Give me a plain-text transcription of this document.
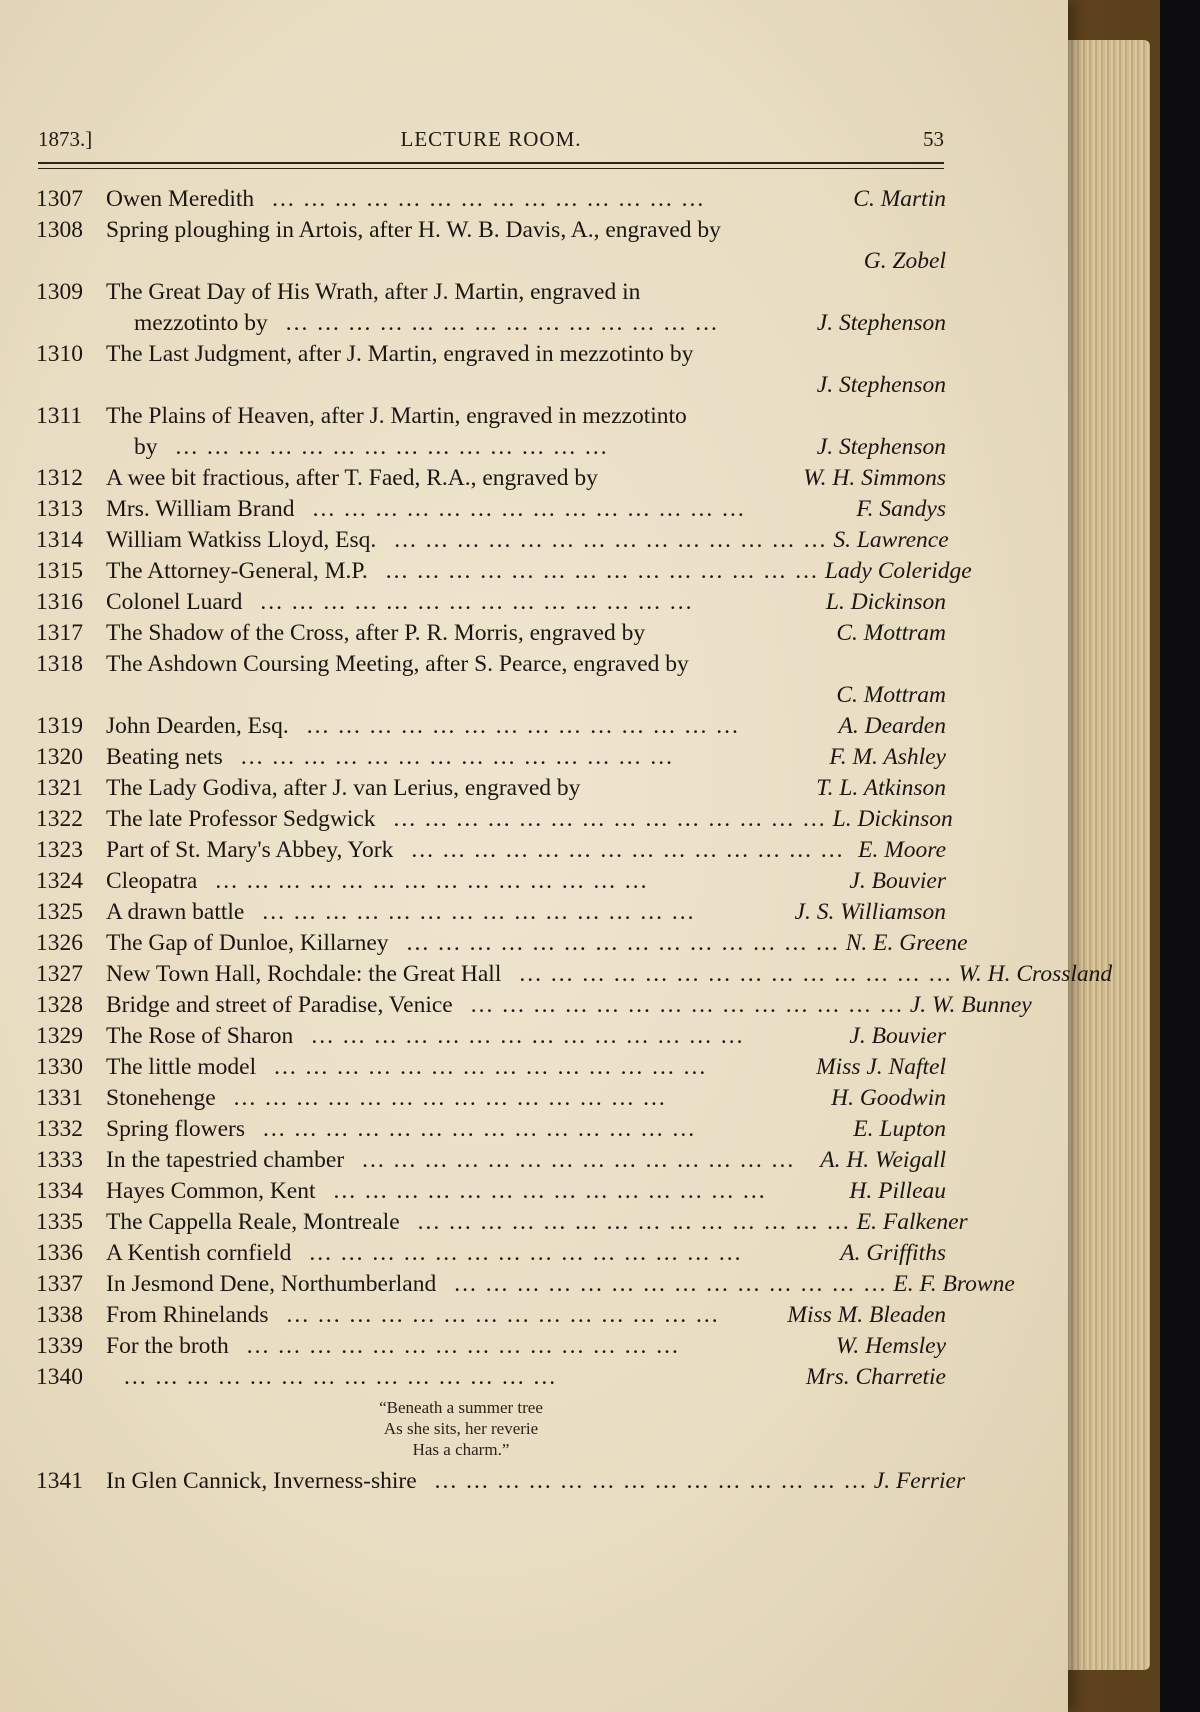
1873.]	LECTURE ROOM.	53
1307 Owen Meredith ... ... ... ... ... ... ... ... ... ... ... ... ... ...	C. Martin
1308 Spring ploughing in Artois, after H. W. B. Davis, A., engraved by
G. Zobel
1309 The Great Day of His Wrath, after J. Martin, engraved in
mezzotinto by ... ... ... ... ... ... ... ... ... ... ... ... ... ...	J. Stephenson
1310 The Last Judgment, after J. Martin, engraved in mezzotinto by
J. Stephenson
1311	The Plains of Heaven, after J. Martin, engraved in mezzotinto
by ... ... ... ... ... ... ... ... ... ... ... ... ... ...	J. Stephenson
1312 A wee bit fractious, after T. Faed, R.A., engraved by	W. H. Simmons
1313 Mrs. William Brand ... ... ... ... ... ... ... ... ... ... ... ... ... ...	F. Sandys
1314 William Watkiss Lloyd, Esq. ... ... ... ... ... ... ... ... ... ... ... ... ... ... S. Lawrence
1315 The Attorney-General, M.P. ... ... ... ... ... ... ... ... ... ... ... ... ... ... Lady Coleridge
1316 Colonel Luard ... ... ... ... ... ... ... ... ... ... ... ... ... ...	L. Dickinson
1317 The Shadow of the Cross, after P. R. Morris, engraved by	C. Mottram
1318 The Ashdown Coursing Meeting, after S. Pearce, engraved by
C. Mottram
1319 John Dearden, Esq. ... ... ... ... ... ... ... ... ... ... ... ... ... ...	A. Dearden
1320 Beating nets ... ... ... ... ... ... ... ... ... ... ... ... ... ...	F. M. Ashley
1321 The Lady Godiva, after J. van Lerius, engraved by	T. L. Atkinson
1322 The late Professor Sedgwick ... ... ... ... ... ... ... ... ... ... ... ... ... ... L. Dickinson
1323 Part of St. Mary's Abbey, York ... ... ... ... ... ... ... ... ... ... ... ... ... ... E. Moore
1324 Cleopatra ... ... ... ... ... ... ... ... ... ... ... ... ... ...	J. Bouvier
1325 A drawn battle ... ... ... ... ... ... ... ... ... ... ... ... ... ...	J. S. Williamson
1326 The Gap of Dunloe, Killarney ... ... ... ... ... ... ... ... ... ... ... ... ... ... N. E. Greene
1327 New Town Hall, Rochdale: the Great Hall ... ... ... ... ... ... ... ... ... ... ... ... ... ... W. H. Crossland
1328 Bridge and street of Paradise, Venice ... ... ... ... ... ... ... ... ... ... ... ... ... ... J. W. Bunney
1329 The Rose of Sharon ... ... ... ... ... ... ... ... ... ... ... ... ... ...	J. Bouvier
1330 The little model ... ... ... ... ... ... ... ... ... ... ... ... ... ...	Miss J. Naftel
1331 Stonehenge ... ... ... ... ... ... ... ... ... ... ... ... ... ...	H. Goodwin
1332 Spring flowers ... ... ... ... ... ... ... ... ... ... ... ... ... ...	E. Lupton
1333 In the tapestried chamber ... ... ... ... ... ... ... ... ... ... ... ... ... ...	A. H. Weigall
1334 Hayes Common, Kent ... ... ... ... ... ... ... ... ... ... ... ... ... ...	H. Pilleau
1335 The Cappella Reale, Montreale ... ... ... ... ... ... ... ... ... ... ... ... ... ... E. Falkener
1336 A Kentish cornfield ... ... ... ... ... ... ... ... ... ... ... ... ... ...	A. Griffiths
1337 In Jesmond Dene, Northumberland ... ... ... ... ... ... ... ... ... ... ... ... ... ... E. F. Browne
1338 From Rhinelands ... ... ... ... ... ... ... ... ... ... ... ... ... ...	Miss M. Bleaden
1339 For the broth ... ... ... ... ... ... ... ... ... ... ... ... ... ...	W. Hemsley
1340	... ... ... ... ... ... ... ... ... ... ... ... ... ...	Mrs. Charretie
“Beneath a summer tree
As she sits, her reverie
Has a charm.”
1341 In Glen Cannick, Inverness-shire ... ... ... ... ... ... ... ... ... ... ... ... ... ... J. Ferrier
